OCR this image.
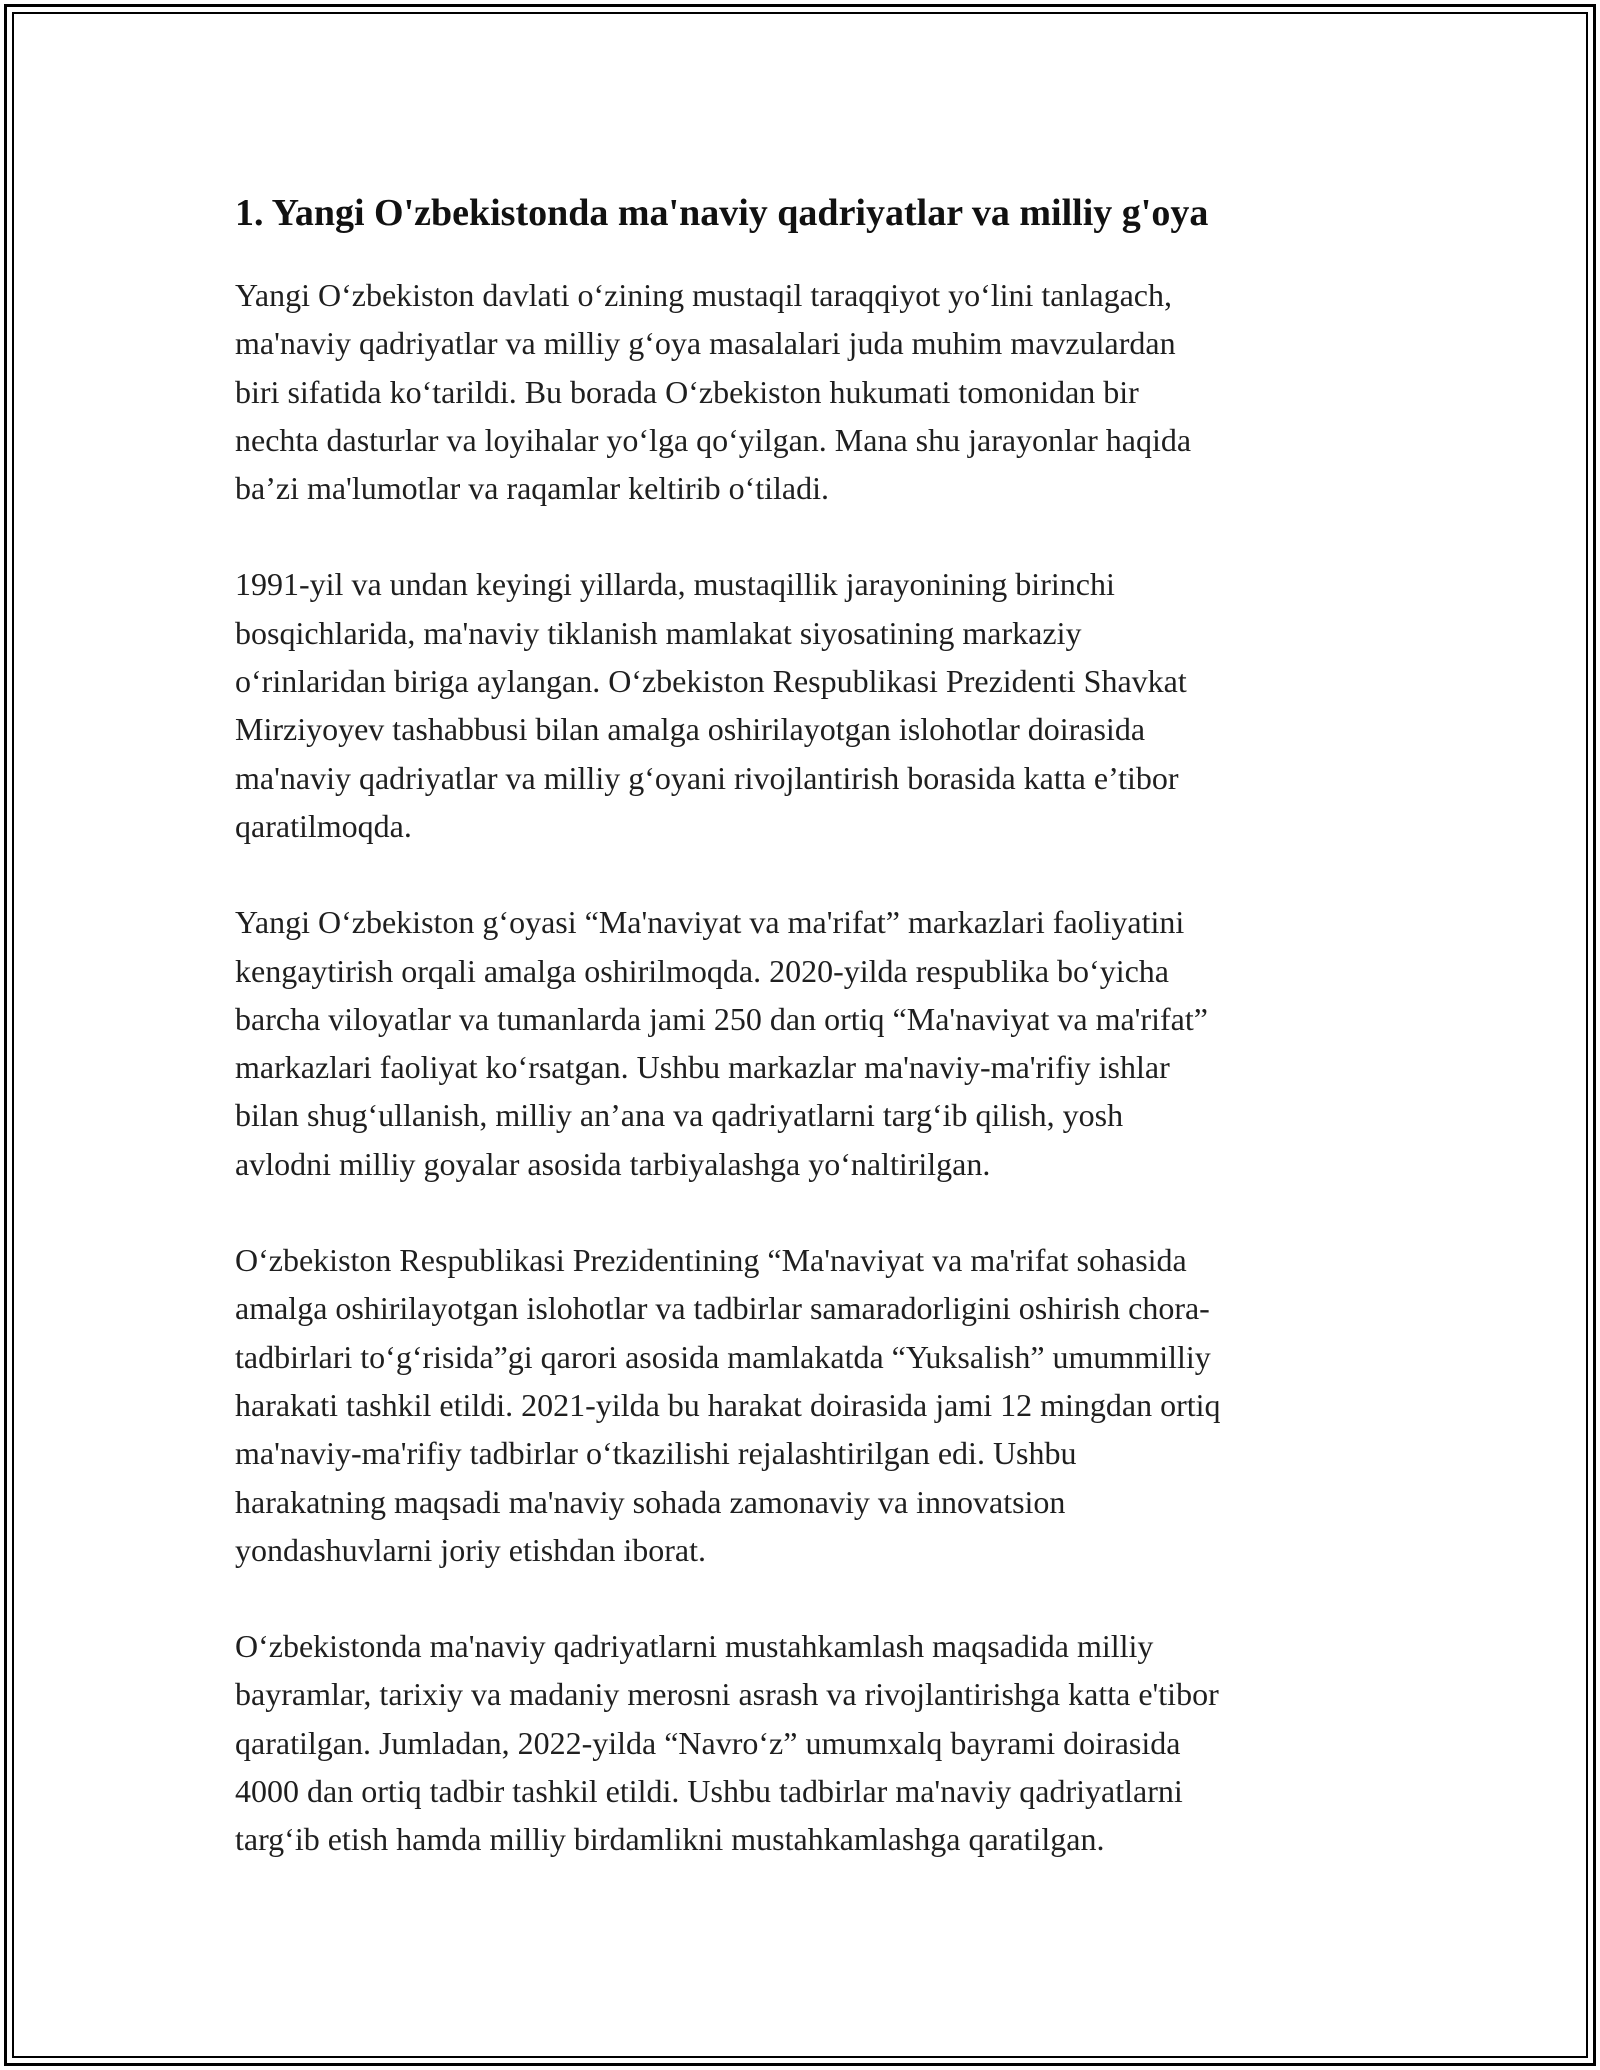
1. Yangi O'zbekistonda ma'naviy qadriyatlar va milliy g'oya

Yangi O‘zbekiston davlati o‘zining mustaqil taraqqiyot yo‘lini tanlagach,
ma'naviy qadriyatlar va milliy g‘oya masalalari juda muhim mavzulardan
biri sifatida ko‘tarildi. Bu borada O‘zbekiston hukumati tomonidan bir
nechta dasturlar va loyihalar yo‘lga qo‘yilgan. Mana shu jarayonlar haqida
ba’zi ma'lumotlar va raqamlar keltirib o‘tiladi.

1991-yil va undan keyingi yillarda, mustaqillik jarayonining birinchi
bosqichlarida, ma'naviy tiklanish mamlakat siyosatining markaziy
o‘rinlaridan biriga aylangan. O‘zbekiston Respublikasi Prezidenti Shavkat
Mirziyoyev tashabbusi bilan amalga oshirilayotgan islohotlar doirasida
ma'naviy qadriyatlar va milliy g‘oyani rivojlantirish borasida katta e’tibor
qaratilmoqda.

Yangi O‘zbekiston g‘oyasi “Ma'naviyat va ma'rifat” markazlari faoliyatini
kengaytirish orqali amalga oshirilmoqda. 2020-yilda respublika bo‘yicha
barcha viloyatlar va tumanlarda jami 250 dan ortiq “Ma'naviyat va ma'rifat”
markazlari faoliyat ko‘rsatgan. Ushbu markazlar ma'naviy-ma'rifiy ishlar
bilan shug‘ullanish, milliy an’ana va qadriyatlarni targ‘ib qilish, yosh
avlodni milliy goyalar asosida tarbiyalashga yo‘naltirilgan.

O‘zbekiston Respublikasi Prezidentining “Ma'naviyat va ma'rifat sohasida
amalga oshirilayotgan islohotlar va tadbirlar samaradorligini oshirish chora-
tadbirlari to‘g‘risida”gi qarori asosida mamlakatda “Yuksalish” umummilliy
harakati tashkil etildi. 2021-yilda bu harakat doirasida jami 12 mingdan ortiq
ma'naviy-ma'rifiy tadbirlar o‘tkazilishi rejalashtirilgan edi. Ushbu
harakatning maqsadi ma'naviy sohada zamonaviy va innovatsion
yondashuvlarni joriy etishdan iborat.

O‘zbekistonda ma'naviy qadriyatlarni mustahkamlash maqsadida milliy
bayramlar, tarixiy va madaniy merosni asrash va rivojlantirishga katta e'tibor
qaratilgan. Jumladan, 2022-yilda “Navro‘z” umumxalq bayrami doirasida
4000 dan ortiq tadbir tashkil etildi. Ushbu tadbirlar ma'naviy qadriyatlarni
targ‘ib etish hamda milliy birdamlikni mustahkamlashga qaratilgan.
